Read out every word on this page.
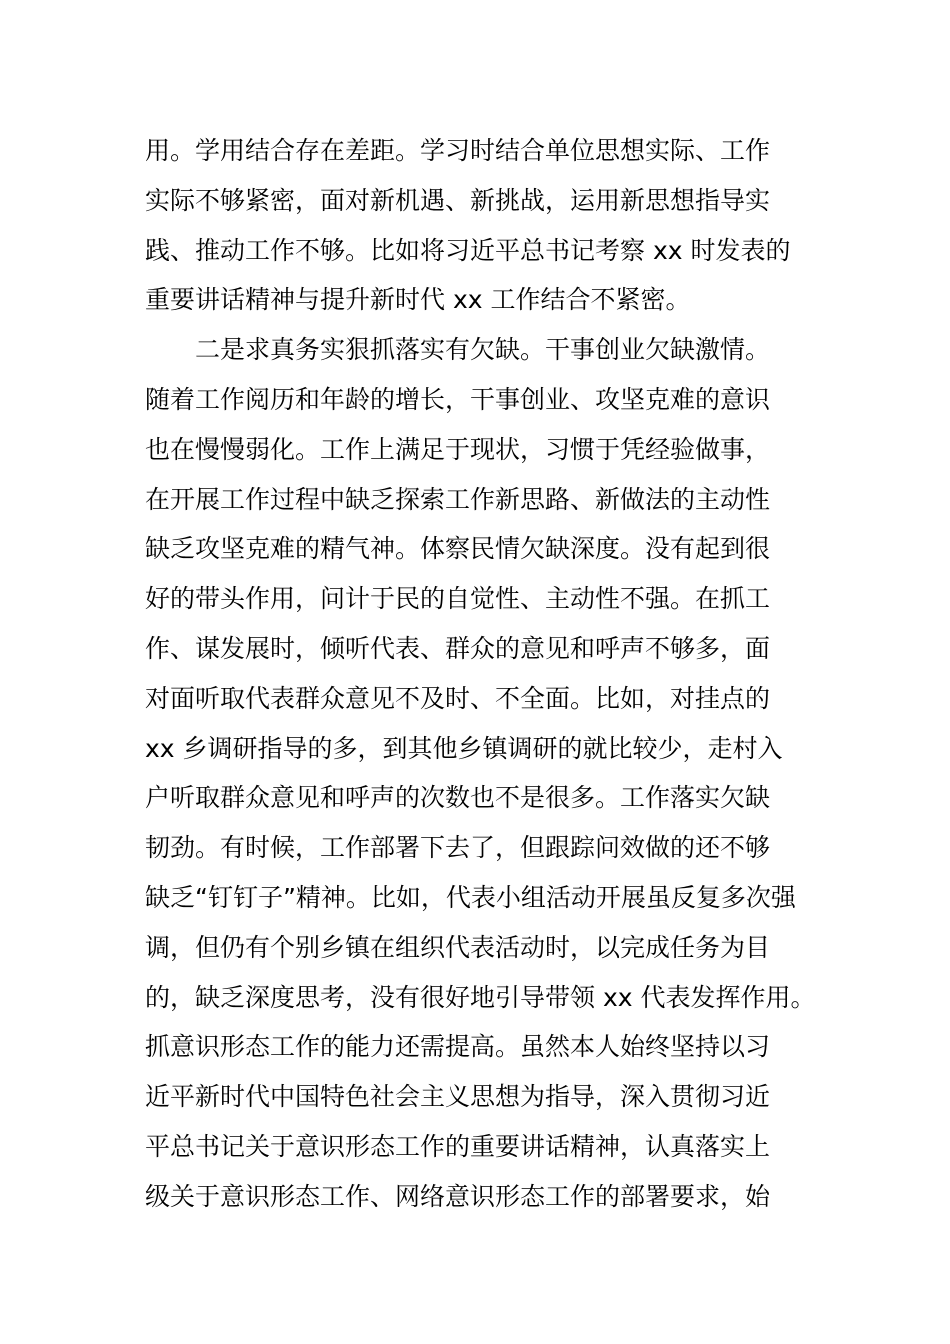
用。学用结合存在差距。学习时结合单位思想实际、工作
实际不够紧密，面对新机遇、新挑战，运用新思想指导实
践、推动工作不够。比如将习近平总书记考察 xx 时发表的
重要讲话精神与提升新时代 xx 工作结合不紧密。
二是求真务实狠抓落实有欠缺。干事创业欠缺激情。
随着工作阅历和年龄的增长，干事创业、攻坚克难的意识
也在慢慢弱化。工作上满足于现状，习惯于凭经验做事，
在开展工作过程中缺乏探索工作新思路、新做法的主动性
缺乏攻坚克难的精气神。体察民情欠缺深度。没有起到很
好的带头作用，问计于民的自觉性、主动性不强。在抓工
作、谋发展时，倾听代表、群众的意见和呼声不够多，面
对面听取代表群众意见不及时、不全面。比如，对挂点的
xx 乡调研指导的多，到其他乡镇调研的就比较少，走村入
户听取群众意见和呼声的次数也不是很多。工作落实欠缺
韧劲。有时候，工作部署下去了，但跟踪问效做的还不够
缺乏“钉钉子”精神。比如，代表小组活动开展虽反复多次强
调，但仍有个别乡镇在组织代表活动时，以完成任务为目
的，缺乏深度思考，没有很好地引导带领 xx 代表发挥作用。
抓意识形态工作的能力还需提高。虽然本人始终坚持以习
近平新时代中国特色社会主义思想为指导，深入贯彻习近
平总书记关于意识形态工作的重要讲话精神，认真落实上
级关于意识形态工作、网络意识形态工作的部署要求，始
